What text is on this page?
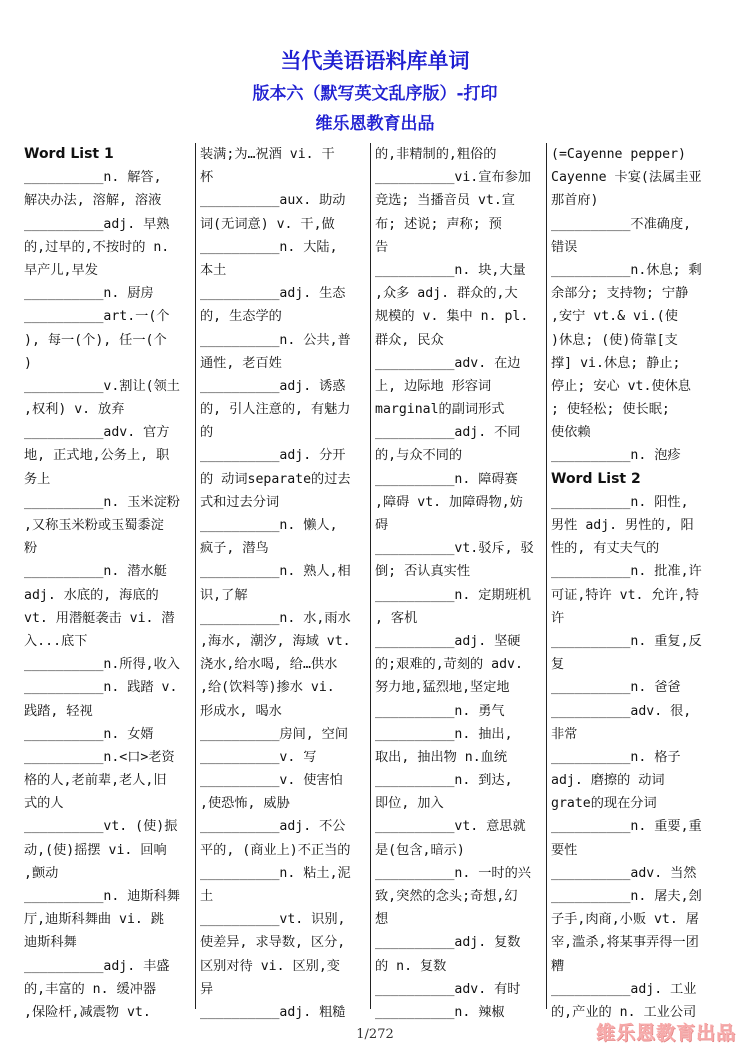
当代美语语料库单词
版本六（默写英文乱序版）-打印
维乐恩教育出品
Word List 1
__________n. 解答,
解决办法, 溶解, 溶液
__________adj. 早熟
的,过早的,不按时的 n.
早产儿,早发
__________n. 厨房
__________art.一(个
), 每一(个), 任一(个
)
__________v.割让(领土
,权利) v. 放弃
__________adv. 官方
地, 正式地,公务上, 职
务上
__________n. 玉米淀粉
,又称玉米粉或玉蜀黍淀
粉
__________n. 潜水艇
adj. 水底的, 海底的
vt. 用潜艇袭击 vi. 潜
入...底下
__________n.所得,收入
__________n. 践踏 v.
践踏, 轻视
__________n. 女婿
__________n.<口>老资
格的人,老前辈,老人,旧
式的人
__________vt. (使)振
动,(使)摇摆 vi. 回响
,颤动
__________n. 迪斯科舞
厅,迪斯科舞曲 vi. 跳
迪斯科舞
__________adj. 丰盛
的,丰富的 n. 缓冲器
,保险杆,减震物 vt.
装满;为…祝酒 vi. 干
杯
__________aux. 助动
词(无词意) v. 干,做
__________n. 大陆,
本土
__________adj. 生态
的, 生态学的
__________n. 公共,普
通性, 老百姓
__________adj. 诱惑
的, 引人注意的, 有魅力
的
__________adj. 分开
的 动词separate的过去
式和过去分词
__________n. 懒人,
疯子, 潜鸟
__________n. 熟人,相
识,了解
__________n. 水,雨水
,海水, 潮汐, 海域 vt.
浇水,给水喝, 给…供水
,给(饮料等)掺水 vi.
形成水, 喝水
__________房间, 空间
__________v. 写
__________v. 使害怕
,使恐怖, 威胁
__________adj. 不公
平的, (商业上)不正当的
__________n. 粘土,泥
土
__________vt. 识别,
使差异, 求导数, 区分,
区别对待 vi. 区别,变
异
__________adj. 粗糙
的,非精制的,粗俗的
__________vi.宣布参加
竞选; 当播音员 vt.宣
布; 述说; 声称; 预
告
__________n. 块,大量
,众多 adj. 群众的,大
规模的 v. 集中 n. pl.
群众, 民众
__________adv. 在边
上, 边际地 形容词
marginal的副词形式
__________adj. 不同
的,与众不同的
__________n. 障碍赛
,障碍 vt. 加障碍物,妨
碍
__________vt.驳斥, 驳
倒; 否认真实性
__________n. 定期班机
, 客机
__________adj. 坚硬
的;艰难的,苛刻的 adv.
努力地,猛烈地,坚定地
__________n. 勇气
__________n. 抽出,
取出, 抽出物 n.血统
__________n. 到达,
即位, 加入
__________vt. 意思就
是(包含,暗示)
__________n. 一时的兴
致,突然的念头;奇想,幻
想
__________adj. 复数
的 n. 复数
__________adv. 有时
__________n. 辣椒
(=Cayenne pepper)
Cayenne 卡宴(法属圭亚
那首府)
__________不准确度,
错误
__________n.休息; 剩
余部分; 支持物; 宁静
,安宁 vt.& vi.(使
)休息; (使)倚靠[支
撑] vi.休息; 静止;
停止; 安心 vt.使休息
; 使轻松; 使长眠;
使依赖
__________n. 泡疹
Word List 2
__________n. 阳性,
男性 adj. 男性的, 阳
性的, 有丈夫气的
__________n. 批准,许
可证,特许 vt. 允许,特
许
__________n. 重复,反
复
__________n. 爸爸
__________adv. 很,
非常
__________n. 格子
adj. 磨擦的 动词
grate的现在分词
__________n. 重要,重
要性
__________adv. 当然
__________n. 屠夫,刽
子手,肉商,小贩 vt. 屠
宰,滥杀,将某事弄得一团
糟
__________adj. 工业
的,产业的 n. 工业公司
1/272	维乐恩教育出品
